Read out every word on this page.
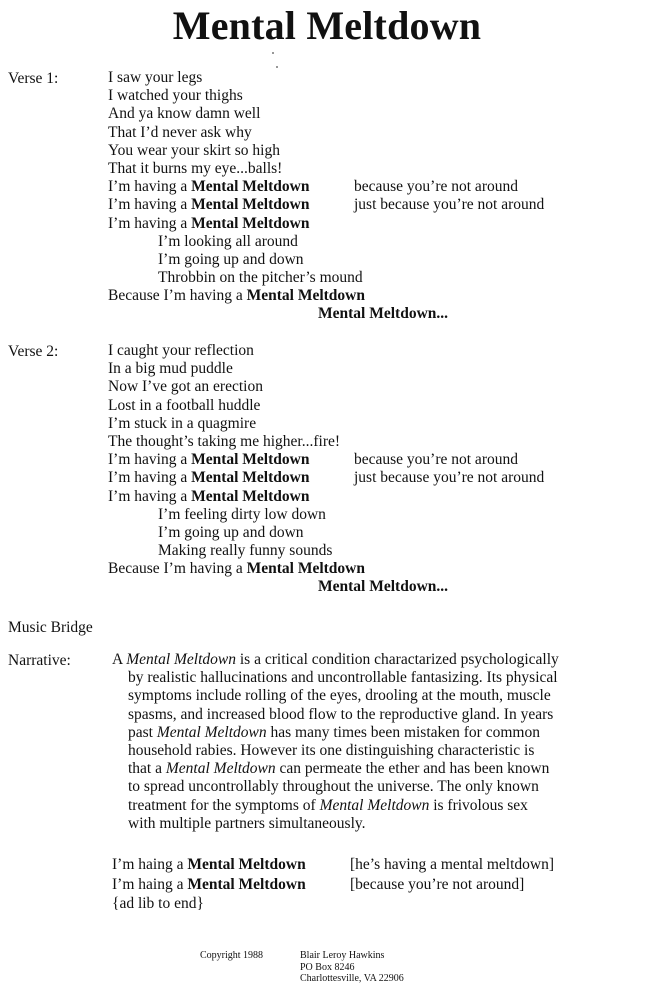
Mental Meltdown
Verse 1:	I saw your legs
I watched your thighs
And ya know damn well
That I’d never ask why
You wear your skirt so high
That it burns my eye...balls!
I’m having a Mental Meltdown	because you’re not around
I’m having a Mental Meltdown	just because you’re not around
I’m having a Mental Meltdown
I’m looking all around
I’m going up and down
Throbbin on the pitcher’s mound
Because I’m having a Mental Meltdown
Mental Meltdown...
Verse 2:	I caught your reflection
In a big mud puddle
Now I’ve got an erection
Lost in a football huddle
I’m stuck in a quagmire
The thought’s taking me higher...fire!
I’m having a Mental Meltdown	because you’re not around
I’m having a Mental Meltdown	just because you’re not around
I’m having a Mental Meltdown
I’m feeling dirty low down
I’m going up and down
Making really funny sounds
Because I’m having a Mental Meltdown
Mental Meltdown...
Music Bridge
Narrative:	A Mental Meltdown is a critical condition charactarized psychologically
by realistic hallucinations and uncontrollable fantasizing. Its physical
symptoms include rolling of the eyes, drooling at the mouth, muscle
spasms, and increased blood flow to the reproductive gland. In years
past Mental Meltdown has many times been mistaken for common
household rabies. However its one distinguishing characteristic is
that a Mental Meltdown can permeate the ether and has been known
to spread uncontrollably throughout the universe. The only known
treatment for the symptoms of Mental Meltdown is frivolous sex
with multiple partners simultaneously.
I’m haing a Mental Meltdown	[he’s having a mental meltdown]
I’m haing a Mental Meltdown	[because you’re not around]
{ad lib to end}
Copyright 1988	Blair Leroy Hawkins
PO Box 8246
Charlottesville, VA 22906
